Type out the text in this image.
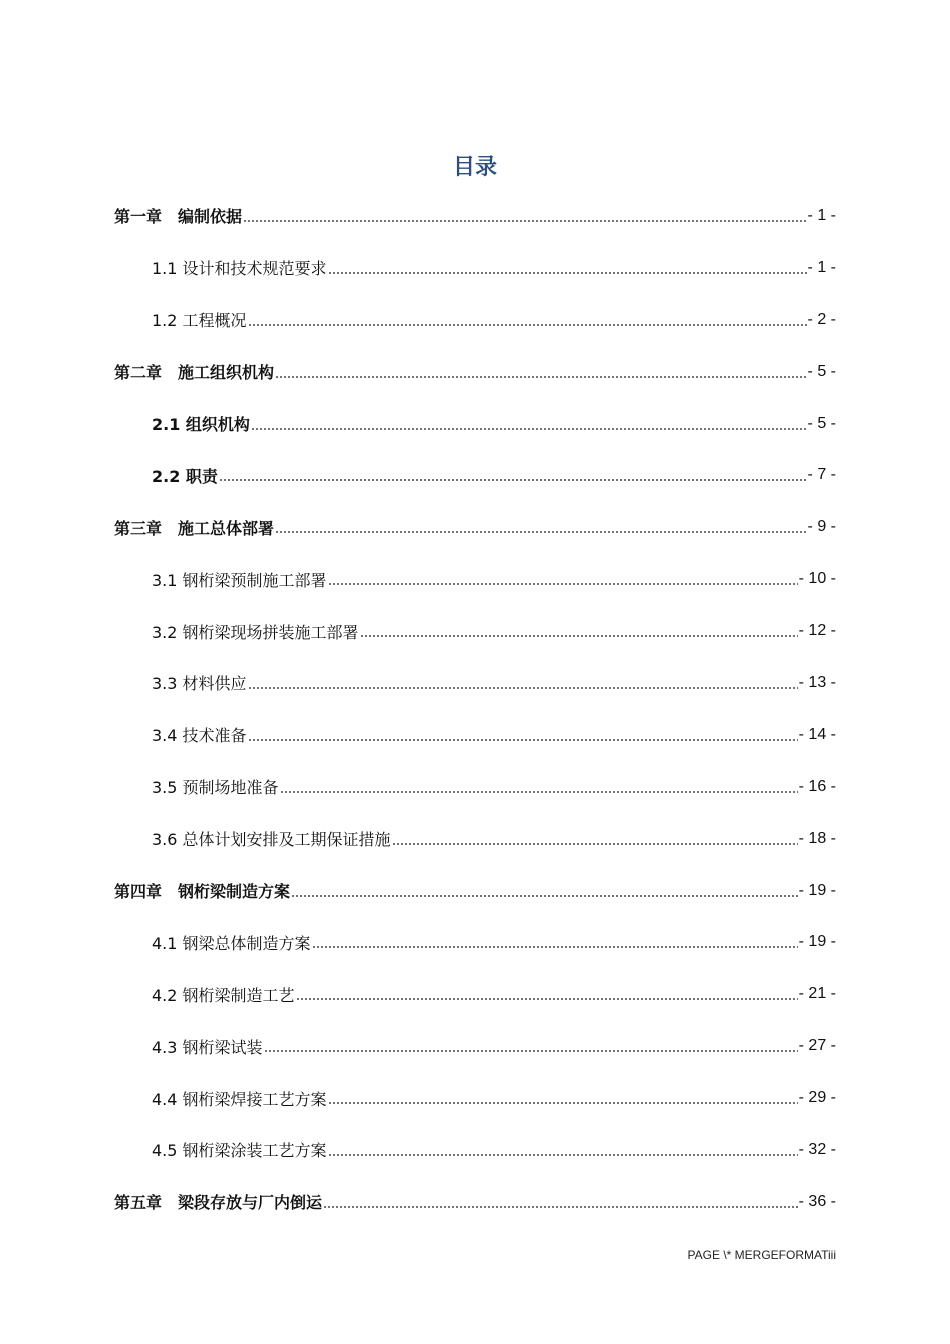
目录
第一章　编制依据	- 1 -
1.1 设计和技术规范要求	- 1 -
1.2 工程概况	- 2 -
第二章　施工组织机构	- 5 -
2.1 组织机构	- 5 -
2.2 职责	- 7 -
第三章　施工总体部署	- 9 -
3.1 钢桁梁预制施工部署	- 10 -
3.2 钢桁梁现场拼装施工部署	- 12 -
3.3 材料供应	- 13 -
3.4 技术准备	- 14 -
3.5 预制场地准备	- 16 -
3.6 总体计划安排及工期保证措施	- 18 -
第四章　钢桁梁制造方案	- 19 -
4.1 钢梁总体制造方案	- 19 -
4.2 钢桁梁制造工艺	- 21 -
4.3 钢桁梁试装	- 27 -
4.4 钢桁梁焊接工艺方案	- 29 -
4.5 钢桁梁涂装工艺方案	- 32 -
第五章　梁段存放与厂内倒运	- 36 -
PAGE \* MERGEFORMATiii
